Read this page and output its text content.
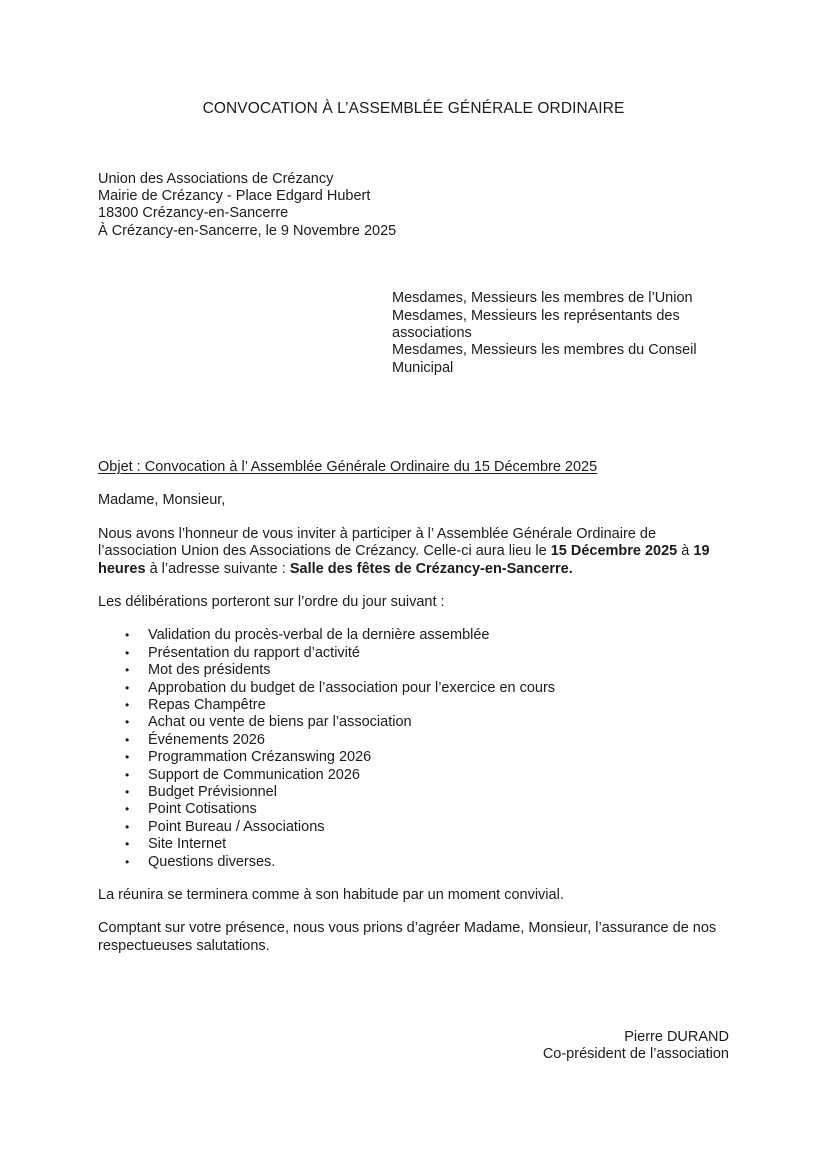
CONVOCATION À L’ASSEMBLÉE GÉNÉRALE ORDINAIRE

Union des Associations de Crézancy

Mairie de Crézancy - Place Edgard Hubert

18300 Crézancy-en-Sancerre

À Crézancy-en-Sancerre, le 9 Novembre 2025

Mesdames, Messieurs les membres de l’Union

Mesdames, Messieurs les représentants des associations

Mesdames, Messieurs les membres du Conseil Municipal

Objet : Convocation à l’ Assemblée Générale Ordinaire du 15 Décembre 2025

Madame, Monsieur,

Nous avons l’honneur de vous inviter à participer à l’ Assemblée Générale Ordinaire de l’association Union des Associations de Crézancy. Celle-ci aura lieu le 15 Décembre 2025 à 19 heures à l’adresse suivante : Salle des fêtes de Crézancy-en-Sancerre.

Les délibérations porteront sur l’ordre du jour suivant :

•	Validation du procès-verbal de la dernière assemblée
•	Présentation du rapport d’activité
•	Mot des présidents
•	Approbation du budget de l’association pour l’exercice en cours
•	Repas Champêtre
•	Achat ou vente de biens par l’association
•	Événements 2026
•	Programmation Crézanswing 2026
•	Support de Communication 2026
•	Budget Prévisionnel
•	Point Cotisations
•	Point Bureau / Associations
•	Site Internet
•	Questions diverses.

La réunira se terminera comme à son habitude par un moment convivial.

Comptant sur votre présence, nous vous prions d’agréer Madame, Monsieur, l’assurance de nos respectueuses salutations.

Pierre DURAND

Co-président de l’association
